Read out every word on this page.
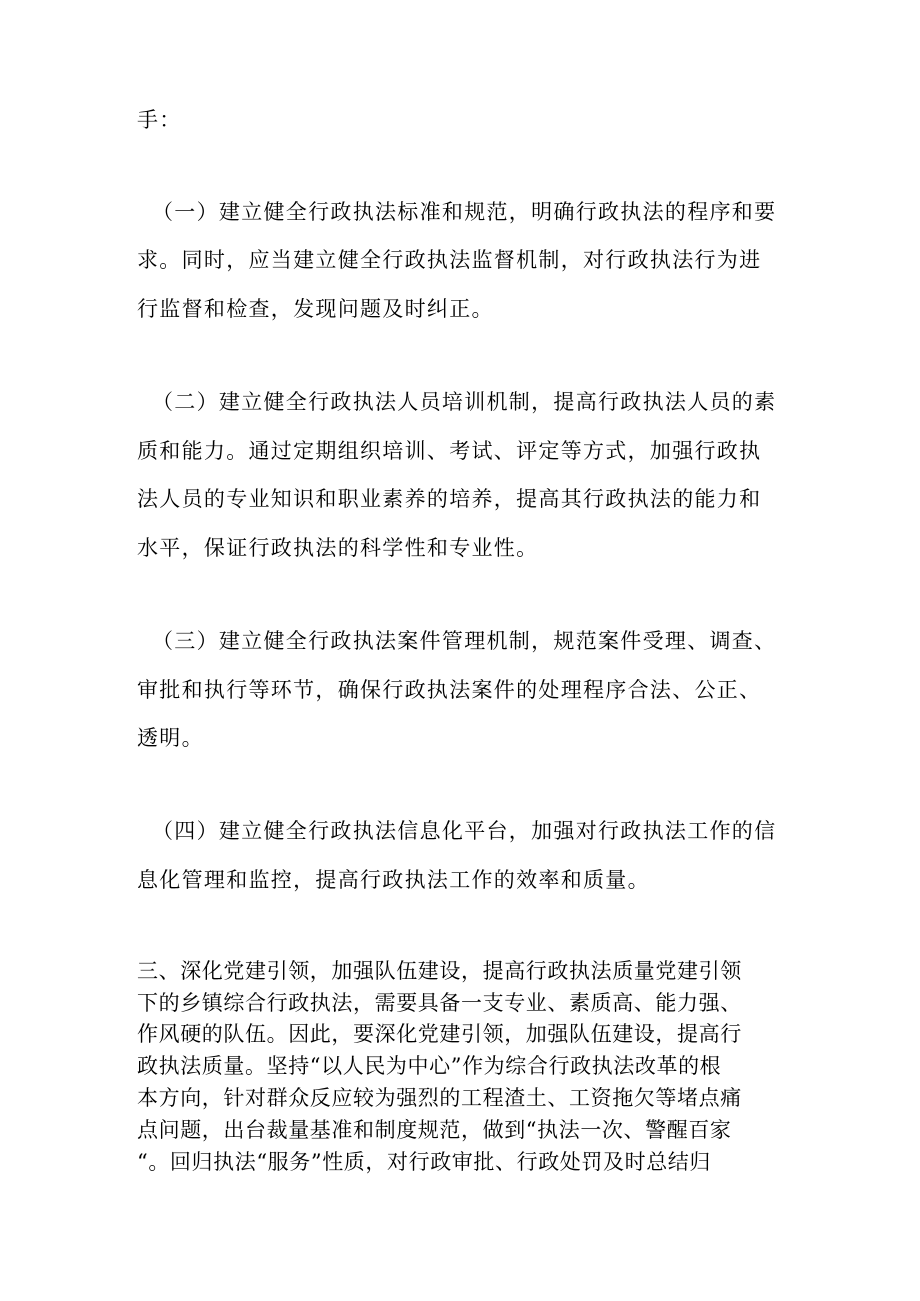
手：
（一）建立健全行政执法标准和规范，明确行政执法的程序和要
求。同时，应当建立健全行政执法监督机制，对行政执法行为进
行监督和检查，发现问题及时纠正。
（二）建立健全行政执法人员培训机制，提高行政执法人员的素
质和能力。通过定期组织培训、考试、评定等方式，加强行政执
法人员的专业知识和职业素养的培养，提高其行政执法的能力和
水平，保证行政执法的科学性和专业性。
（三）建立健全行政执法案件管理机制，规范案件受理、调查、
审批和执行等环节，确保行政执法案件的处理程序合法、公正、
透明。
（四）建立健全行政执法信息化平台，加强对行政执法工作的信
息化管理和监控，提高行政执法工作的效率和质量。
三、深化党建引领，加强队伍建设，提高行政执法质量党建引领
下的乡镇综合行政执法，需要具备一支专业、素质高、能力强、
作风硬的队伍。因此，要深化党建引领，加强队伍建设，提高行
政执法质量。坚持“以人民为中心”作为综合行政执法改革的根
本方向，针对群众反应较为强烈的工程渣土、工资拖欠等堵点痛
点问题，出台裁量基准和制度规范，做到“执法一次、警醒百家
“。回归执法“服务”性质，对行政审批、行政处罚及时总结归
